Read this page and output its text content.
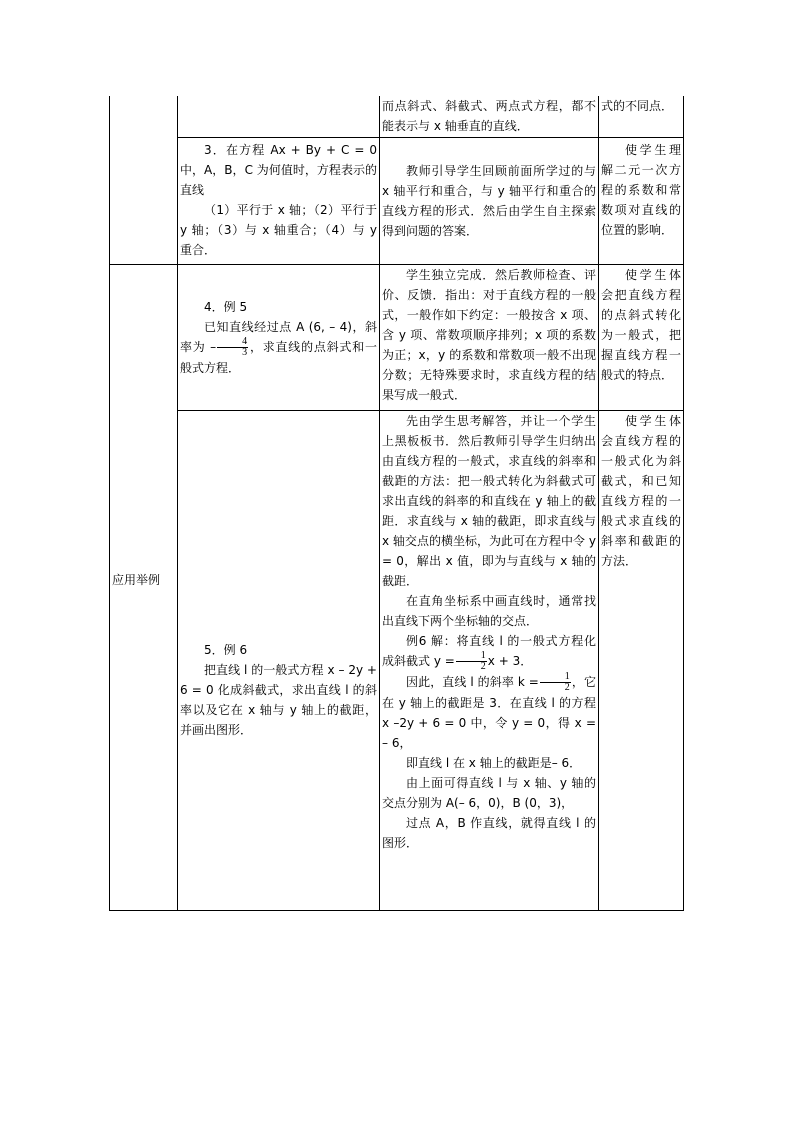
应用举例

而点斜式、斜截式、两点式方程，都不能表示与 x 轴垂直的直线．

式的不同点．

3．在方程 Ax + By + C = 0 中，A，B，C 为何值时，方程表示的直线

（1）平行于 x 轴；（2）平行于 y 轴；（3）与 x 轴重合；（4）与 y 重合．

教师引导学生回顾前面所学过的与 x 轴平行和重合，与 y 轴平行和重合的直线方程的形式．然后由学生自主探索得到问题的答案．

使学生理解二元一次方程的系数和常数项对直线的位置的影响．

4．例 5

已知直线经过点 A (6, – 4)，斜率为 – $\frac{4}{3}$ ，求直线的点斜式和一般式方程．

学生独立完成．然后教师检查、评价、反馈．指出：对于直线方程的一般式，一般作如下约定：一般按含 x 项、含 y 项、常数项顺序排列；x 项的系数为正；x，y 的系数和常数项一般不出现分数；无特殊要求时，求直线方程的结果写成一般式．

使学生体会把直线方程的点斜式转化为一般式，把握直线方程一般式的特点．

5．例 6

把直线 l 的一般式方程 x – 2y + 6 = 0 化成斜截式，求出直线 l 的斜率以及它在 x 轴与 y 轴上的截距，并画出图形．

先由学生思考解答，并让一个学生上黑板板书．然后教师引导学生归纳出由直线方程的一般式，求直线的斜率和截距的方法：把一般式转化为斜截式可求出直线的斜率的和直线在 y 轴上的截距．求直线与 x 轴的截距，即求直线与 x 轴交点的横坐标，为此可在方程中令 y = 0，解出 x 值，即为与直线与 x 轴的截距．

在直角坐标系中画直线时，通常找出直线下两个坐标轴的交点．

例6 解：将直线 l 的一般式方程化成斜截式 $y = \frac{1}{2}$ x + 3．

因此，直线 l 的斜率 $k = \frac{1}{2}$ ，它在 y 轴上的截距是 3．在直线 l 的方程 x –2y + 6 = 0 中，令 y = 0，得 x = – 6，

即直线 l 在 x 轴上的截距是– 6．

由上面可得直线 l 与 x 轴、y 轴的交点分别为 A(– 6，0)，B (0，3)，

过点 A，B 作直线，就得直线 l 的图形．

使学生体会直线方程的一般式化为斜截式，和已知直线方程的一般式求直线的斜率和截距的方法．
